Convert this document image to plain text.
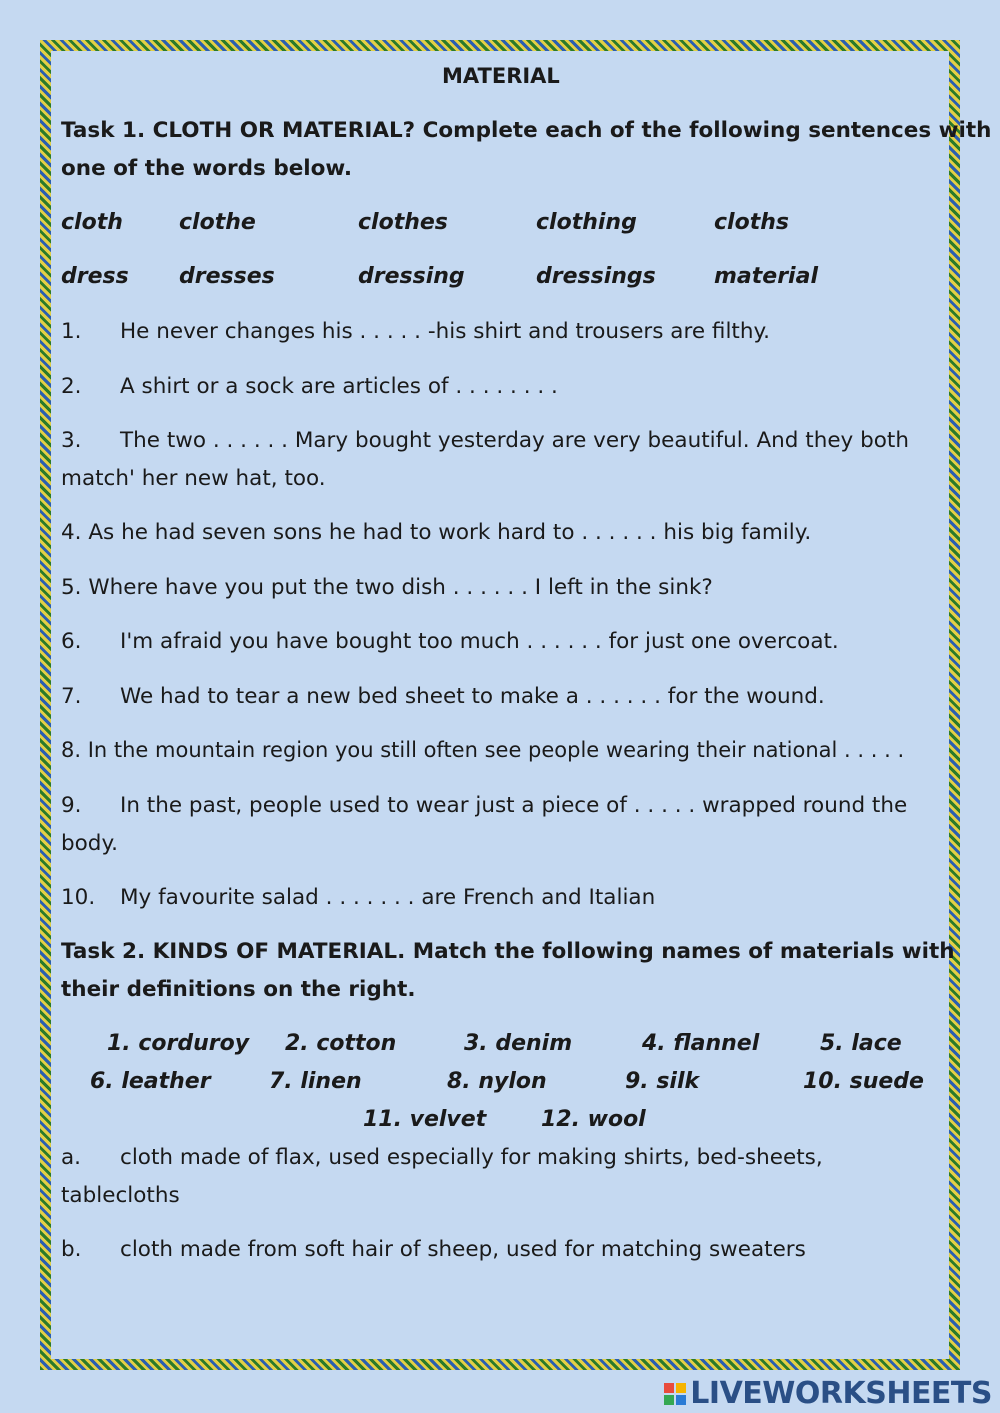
MATERIAL
Task 1. CLOTH OR MATERIAL? Complete each of the following sentences with
one of the words below.
cloth	clothe	clothes	clothing	cloths
dress dresses	dressing	dressings	material
1. He never changes his . . . . . -his shirt and trousers are filthy.
2. A shirt or a sock are articles of . . . . . . . .
3. The two . . . . . . Mary bought yesterday are very beautiful. And they both
match' her new hat, too.
4. As he had seven sons he had to work hard to . . . . . . his big family.
5. Where have you put the two dish . . . . . . I left in the sink?
6. I'm afraid you have bought too much . . . . . . for just one overcoat.
7. We had to tear a new bed sheet to make a . . . . . . for the wound.
8. In the mountain region you still often see people wearing their national . . . . .
9. In the past, people used to wear just a piece of . . . . . wrapped round the
body.
10. My favourite salad . . . . . . . are French and Italian
Task 2. KINDS OF MATERIAL. Match the following names of materials with
their definitions on the right.
1. corduroy 2. cotton	3. denim	4. flannel	5. lace
6. leather	7. linen	8. nylon	9. silk	10. suede
11. velvet 12. wool
a. cloth made of flax, used especially for making shirts, bed-sheets,
tablecloths
b. cloth made from soft hair of sheep, used for matching sweaters
LIVEWORKSHEETS
